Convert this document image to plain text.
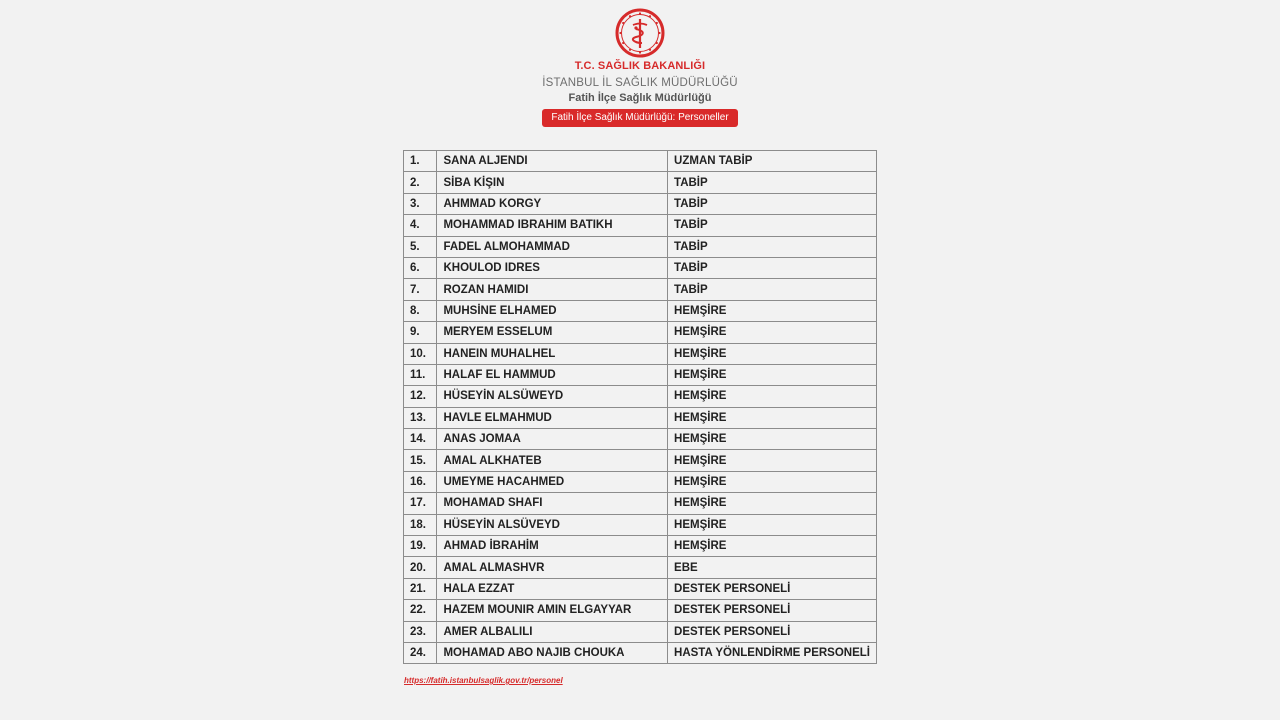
T.C. SAĞLIK BAKANLIĞI
İSTANBUL İL SAĞLIK MÜDÜRLÜĞÜ
Fatih İlçe Sağlık Müdürlüğü
Fatih İlçe Sağlık Müdürlüğü: Personeller
1.	SANA ALJENDI	UZMAN TABİP
2.	SİBA KİŞIN	TABİP
3.	AHMMAD KORGY	TABİP
4.	MOHAMMAD IBRAHIM BATIKH	TABİP
5.	FADEL ALMOHAMMAD	TABİP
6.	KHOULOD IDRES	TABİP
7.	ROZAN HAMIDI	TABİP
8.	MUHSİNE ELHAMED	HEMŞİRE
9.	MERYEM ESSELUM	HEMŞİRE
10.	HANEIN MUHALHEL	HEMŞİRE
11.	HALAF EL HAMMUD	HEMŞİRE
12.	HÜSEYİN ALSÜWEYD	HEMŞİRE
13.	HAVLE ELMAHMUD	HEMŞİRE
14.	ANAS JOMAA	HEMŞİRE
15.	AMAL ALKHATEB	HEMŞİRE
16.	UMEYME HACAHMED	HEMŞİRE
17.	MOHAMAD SHAFI	HEMŞİRE
18.	HÜSEYİN ALSÜVEYD	HEMŞİRE
19.	AHMAD İBRAHİM	HEMŞİRE
20.	AMAL ALMASHVR	EBE
21.	HALA EZZAT	DESTEK PERSONELİ
22.	HAZEM MOUNIR AMIN ELGAYYAR	DESTEK PERSONELİ
23.	AMER ALBALILI	DESTEK PERSONELİ
24.	MOHAMAD ABO NAJIB CHOUKA	HASTA YÖNLENDİRME PERSONELİ
https://fatih.istanbulsaglik.gov.tr/personel
